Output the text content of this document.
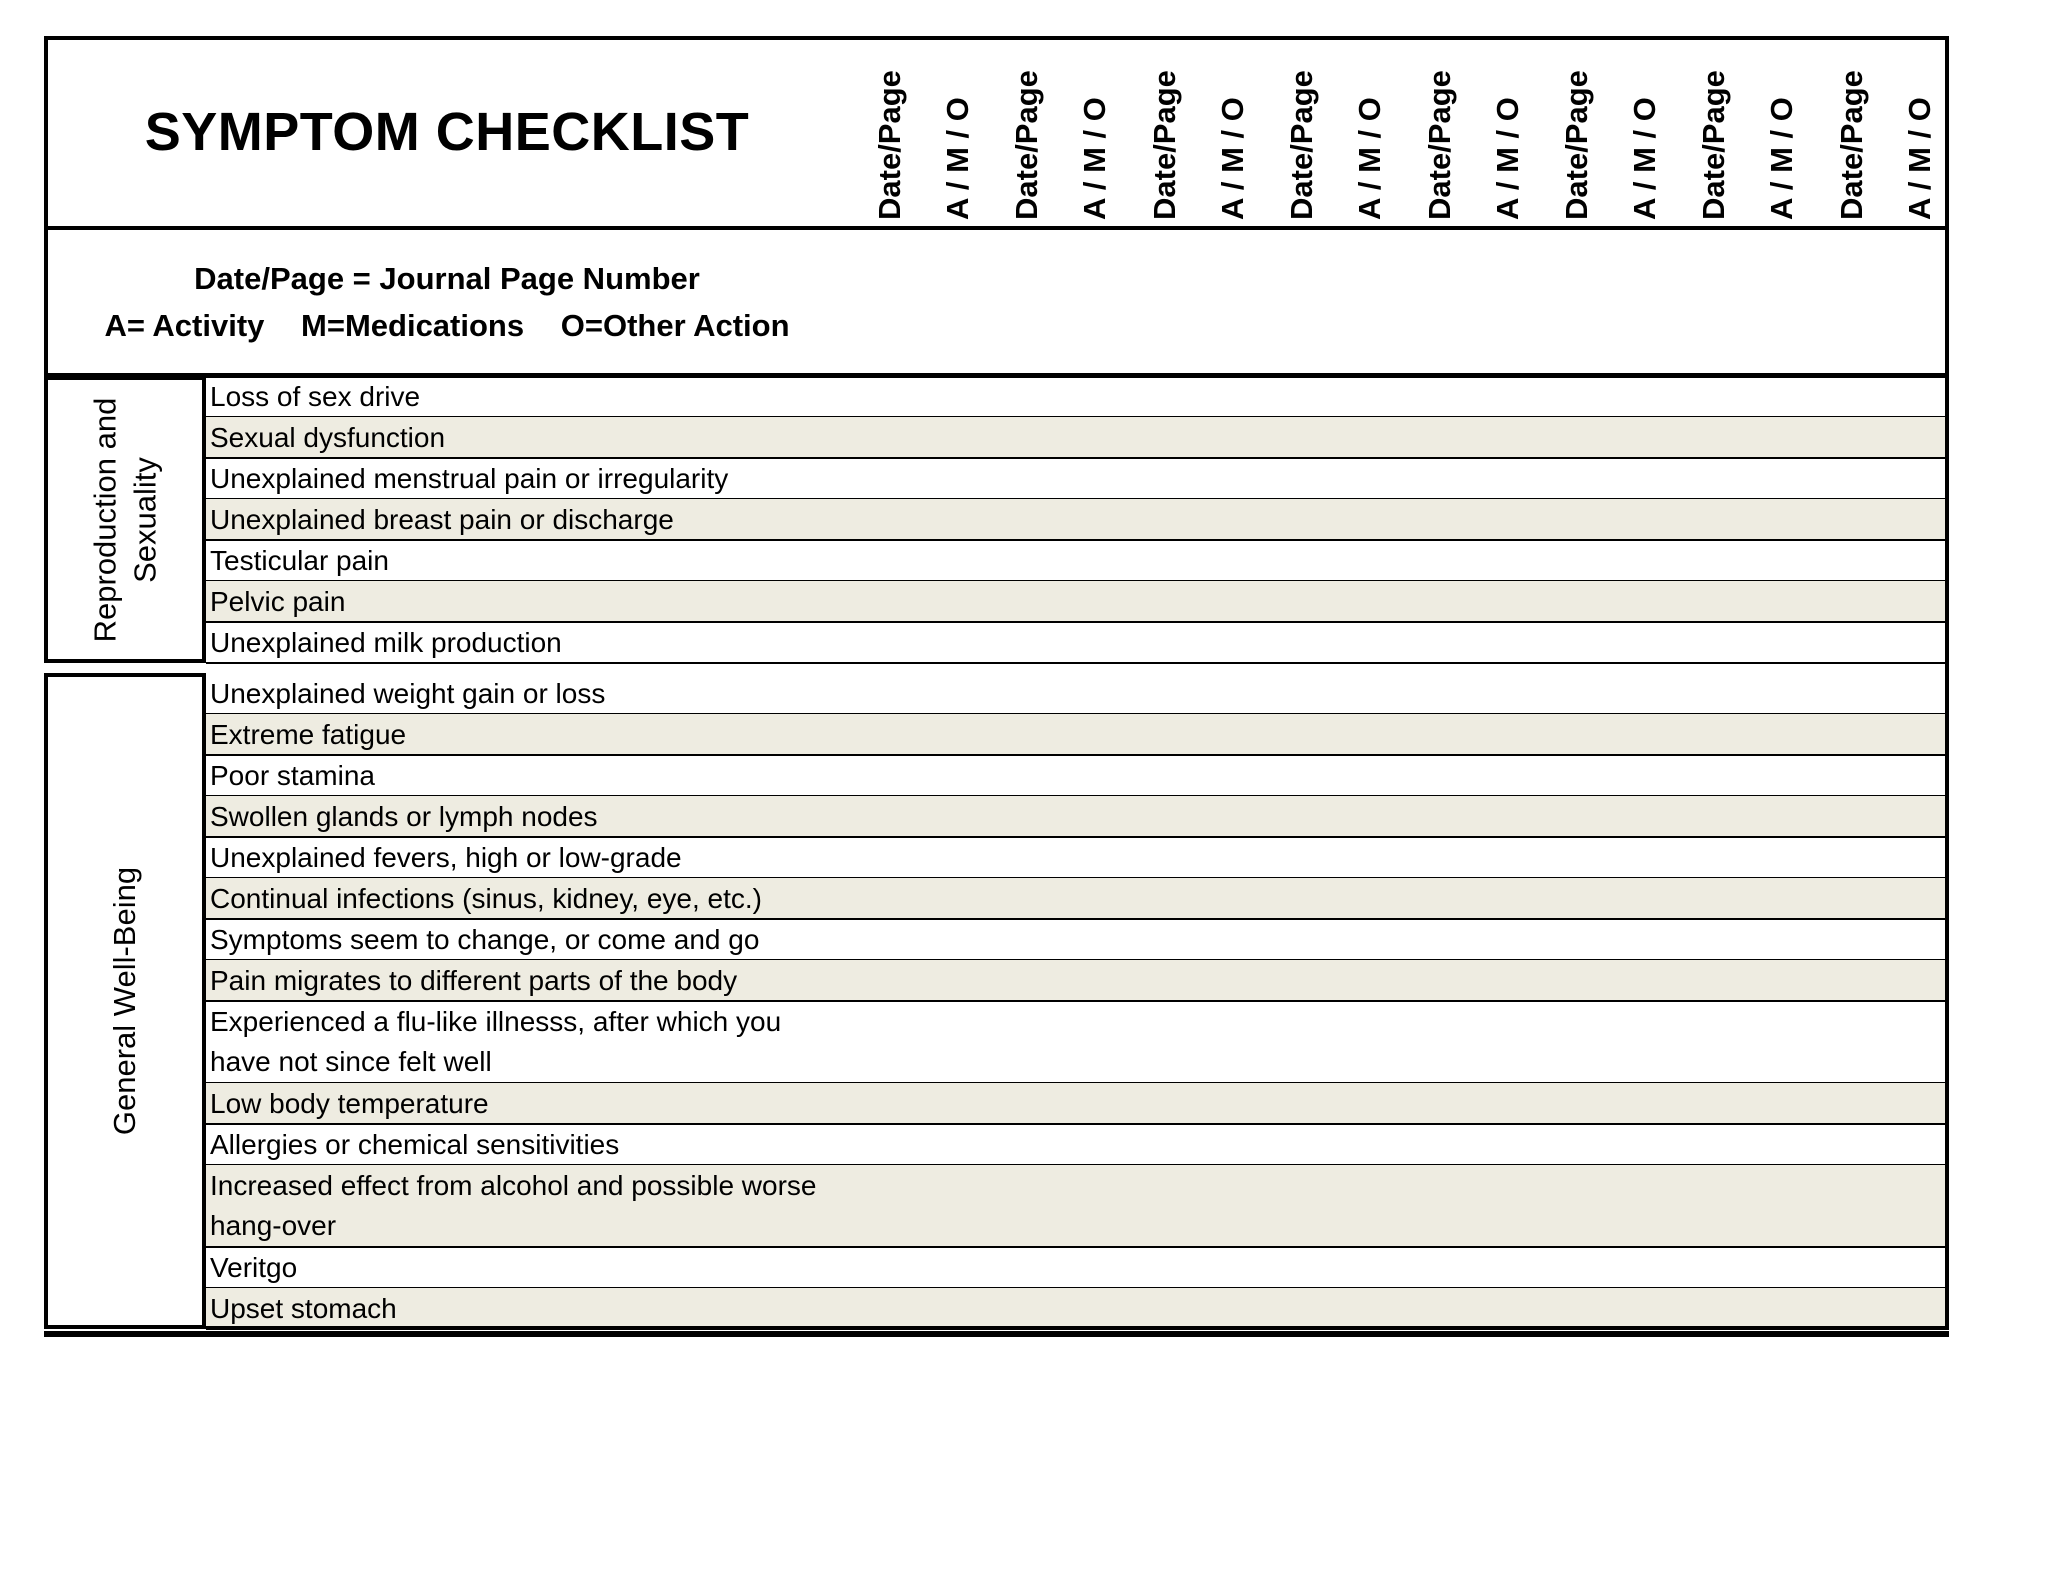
SYMPTOM CHECKLIST
Date/Page = Journal Page Number
A= Activity M=Medications O=Other Action
Date/Page A / M / O Date/Page A / M / O Date/Page A / M / O Date/Page A / M / O Date/Page A / M / O Date/Page A / M / O Date/Page A / M / O Date/Page A / M / O
Loss of sex drive
Sexual dysfunction
Unexplained menstrual pain or irregularity
Unexplained breast pain or discharge
Testicular pain
Pelvic pain
Unexplained milk production
Unexplained weight gain or loss
Extreme fatigue
Poor stamina
Swollen glands or lymph nodes
Unexplained fevers, high or low-grade
Continual infections (sinus, kidney, eye, etc.)
Symptoms seem to change, or come and go
Pain migrates to different parts of the body
Experienced a flu-like illnesss, after which you
have not since felt well
Low body temperature
Allergies or chemical sensitivities
Increased effect from alcohol and possible worse
hang-over
Veritgo
Upset stomach
Reproduction and Sexuality
General Well-Being
